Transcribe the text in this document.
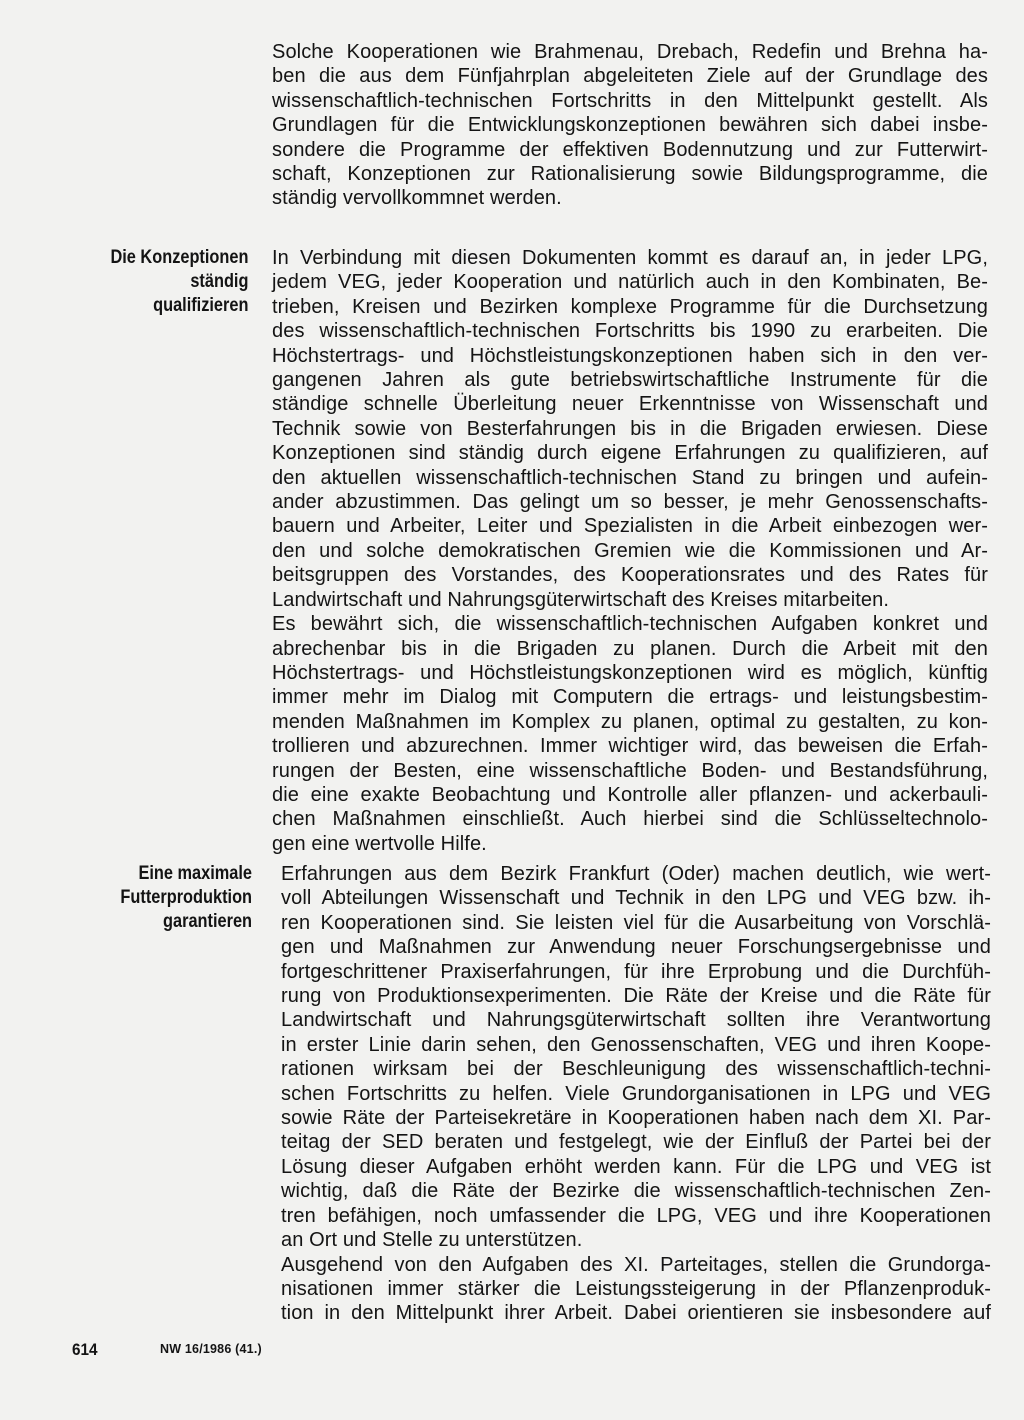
Solche Kooperationen wie Brahmenau, Drebach, Redefin und Brehna ha-
ben die aus dem Fünfjahrplan abgeleiteten Ziele auf der Grundlage des
wissenschaftlich-technischen Fortschritts in den Mittelpunkt gestellt. Als
Grundlagen für die Entwicklungskonzeptionen bewähren sich dabei insbe-
sondere die Programme der effektiven Bodennutzung und zur Futterwirt-
schaft, Konzeptionen zur Rationalisierung sowie Bildungsprogramme, die
ständig vervollkommnet werden.
Die Konzeptionen
ständig
qualifizieren
In Verbindung mit diesen Dokumenten kommt es darauf an, in jeder LPG,
jedem VEG, jeder Kooperation und natürlich auch in den Kombinaten, Be-
trieben, Kreisen und Bezirken komplexe Programme für die Durchsetzung
des wissenschaftlich-technischen Fortschritts bis 1990 zu erarbeiten. Die
Höchstertrags- und Höchstleistungskonzeptionen haben sich in den ver-
gangenen Jahren als gute betriebswirtschaftliche Instrumente für die
ständige schnelle Überleitung neuer Erkenntnisse von Wissenschaft und
Technik sowie von Besterfahrungen bis in die Brigaden erwiesen. Diese
Konzeptionen sind ständig durch eigene Erfahrungen zu qualifizieren, auf
den aktuellen wissenschaftlich-technischen Stand zu bringen und aufein-
ander abzustimmen. Das gelingt um so besser, je mehr Genossenschafts-
bauern und Arbeiter, Leiter und Spezialisten in die Arbeit einbezogen wer-
den und solche demokratischen Gremien wie die Kommissionen und Ar-
beitsgruppen des Vorstandes, des Kooperationsrates und des Rates für
Landwirtschaft und Nahrungsgüterwirtschaft des Kreises mitarbeiten.
Es bewährt sich, die wissenschaftlich-technischen Aufgaben konkret und
abrechenbar bis in die Brigaden zu planen. Durch die Arbeit mit den
Höchstertrags- und Höchstleistungskonzeptionen wird es möglich, künftig
immer mehr im Dialog mit Computern die ertrags- und leistungsbestim-
menden Maßnahmen im Komplex zu planen, optimal zu gestalten, zu kon-
trollieren und abzurechnen. Immer wichtiger wird, das beweisen die Erfah-
rungen der Besten, eine wissenschaftliche Boden- und Bestandsführung,
die eine exakte Beobachtung und Kontrolle aller pflanzen- und ackerbauli-
chen Maßnahmen einschließt. Auch hierbei sind die Schlüsseltechnolo-
gen eine wertvolle Hilfe.
Eine maximale
Futterproduktion
garantieren
Erfahrungen aus dem Bezirk Frankfurt (Oder) machen deutlich, wie wert-
voll Abteilungen Wissenschaft und Technik in den LPG und VEG bzw. ih-
ren Kooperationen sind. Sie leisten viel für die Ausarbeitung von Vorschlä-
gen und Maßnahmen zur Anwendung neuer Forschungsergebnisse und
fortgeschrittener Praxiserfahrungen, für ihre Erprobung und die Durchfüh-
rung von Produktionsexperimenten. Die Räte der Kreise und die Räte für
Landwirtschaft und Nahrungsgüterwirtschaft sollten ihre Verantwortung
in erster Linie darin sehen, den Genossenschaften, VEG und ihren Koope-
rationen wirksam bei der Beschleunigung des wissenschaftlich-techni-
schen Fortschritts zu helfen. Viele Grundorganisationen in LPG und VEG
sowie Räte der Parteisekretäre in Kooperationen haben nach dem XI. Par-
teitag der SED beraten und festgelegt, wie der Einfluß der Partei bei der
Lösung dieser Aufgaben erhöht werden kann. Für die LPG und VEG ist
wichtig, daß die Räte der Bezirke die wissenschaftlich-technischen Zen-
tren befähigen, noch umfassender die LPG, VEG und ihre Kooperationen
an Ort und Stelle zu unterstützen.
Ausgehend von den Aufgaben des XI. Parteitages, stellen die Grundorga-
nisationen immer stärker die Leistungssteigerung in der Pflanzenproduk-
tion in den Mittelpunkt ihrer Arbeit. Dabei orientieren sie insbesondere auf
614	NW 16/1986 (41.)
